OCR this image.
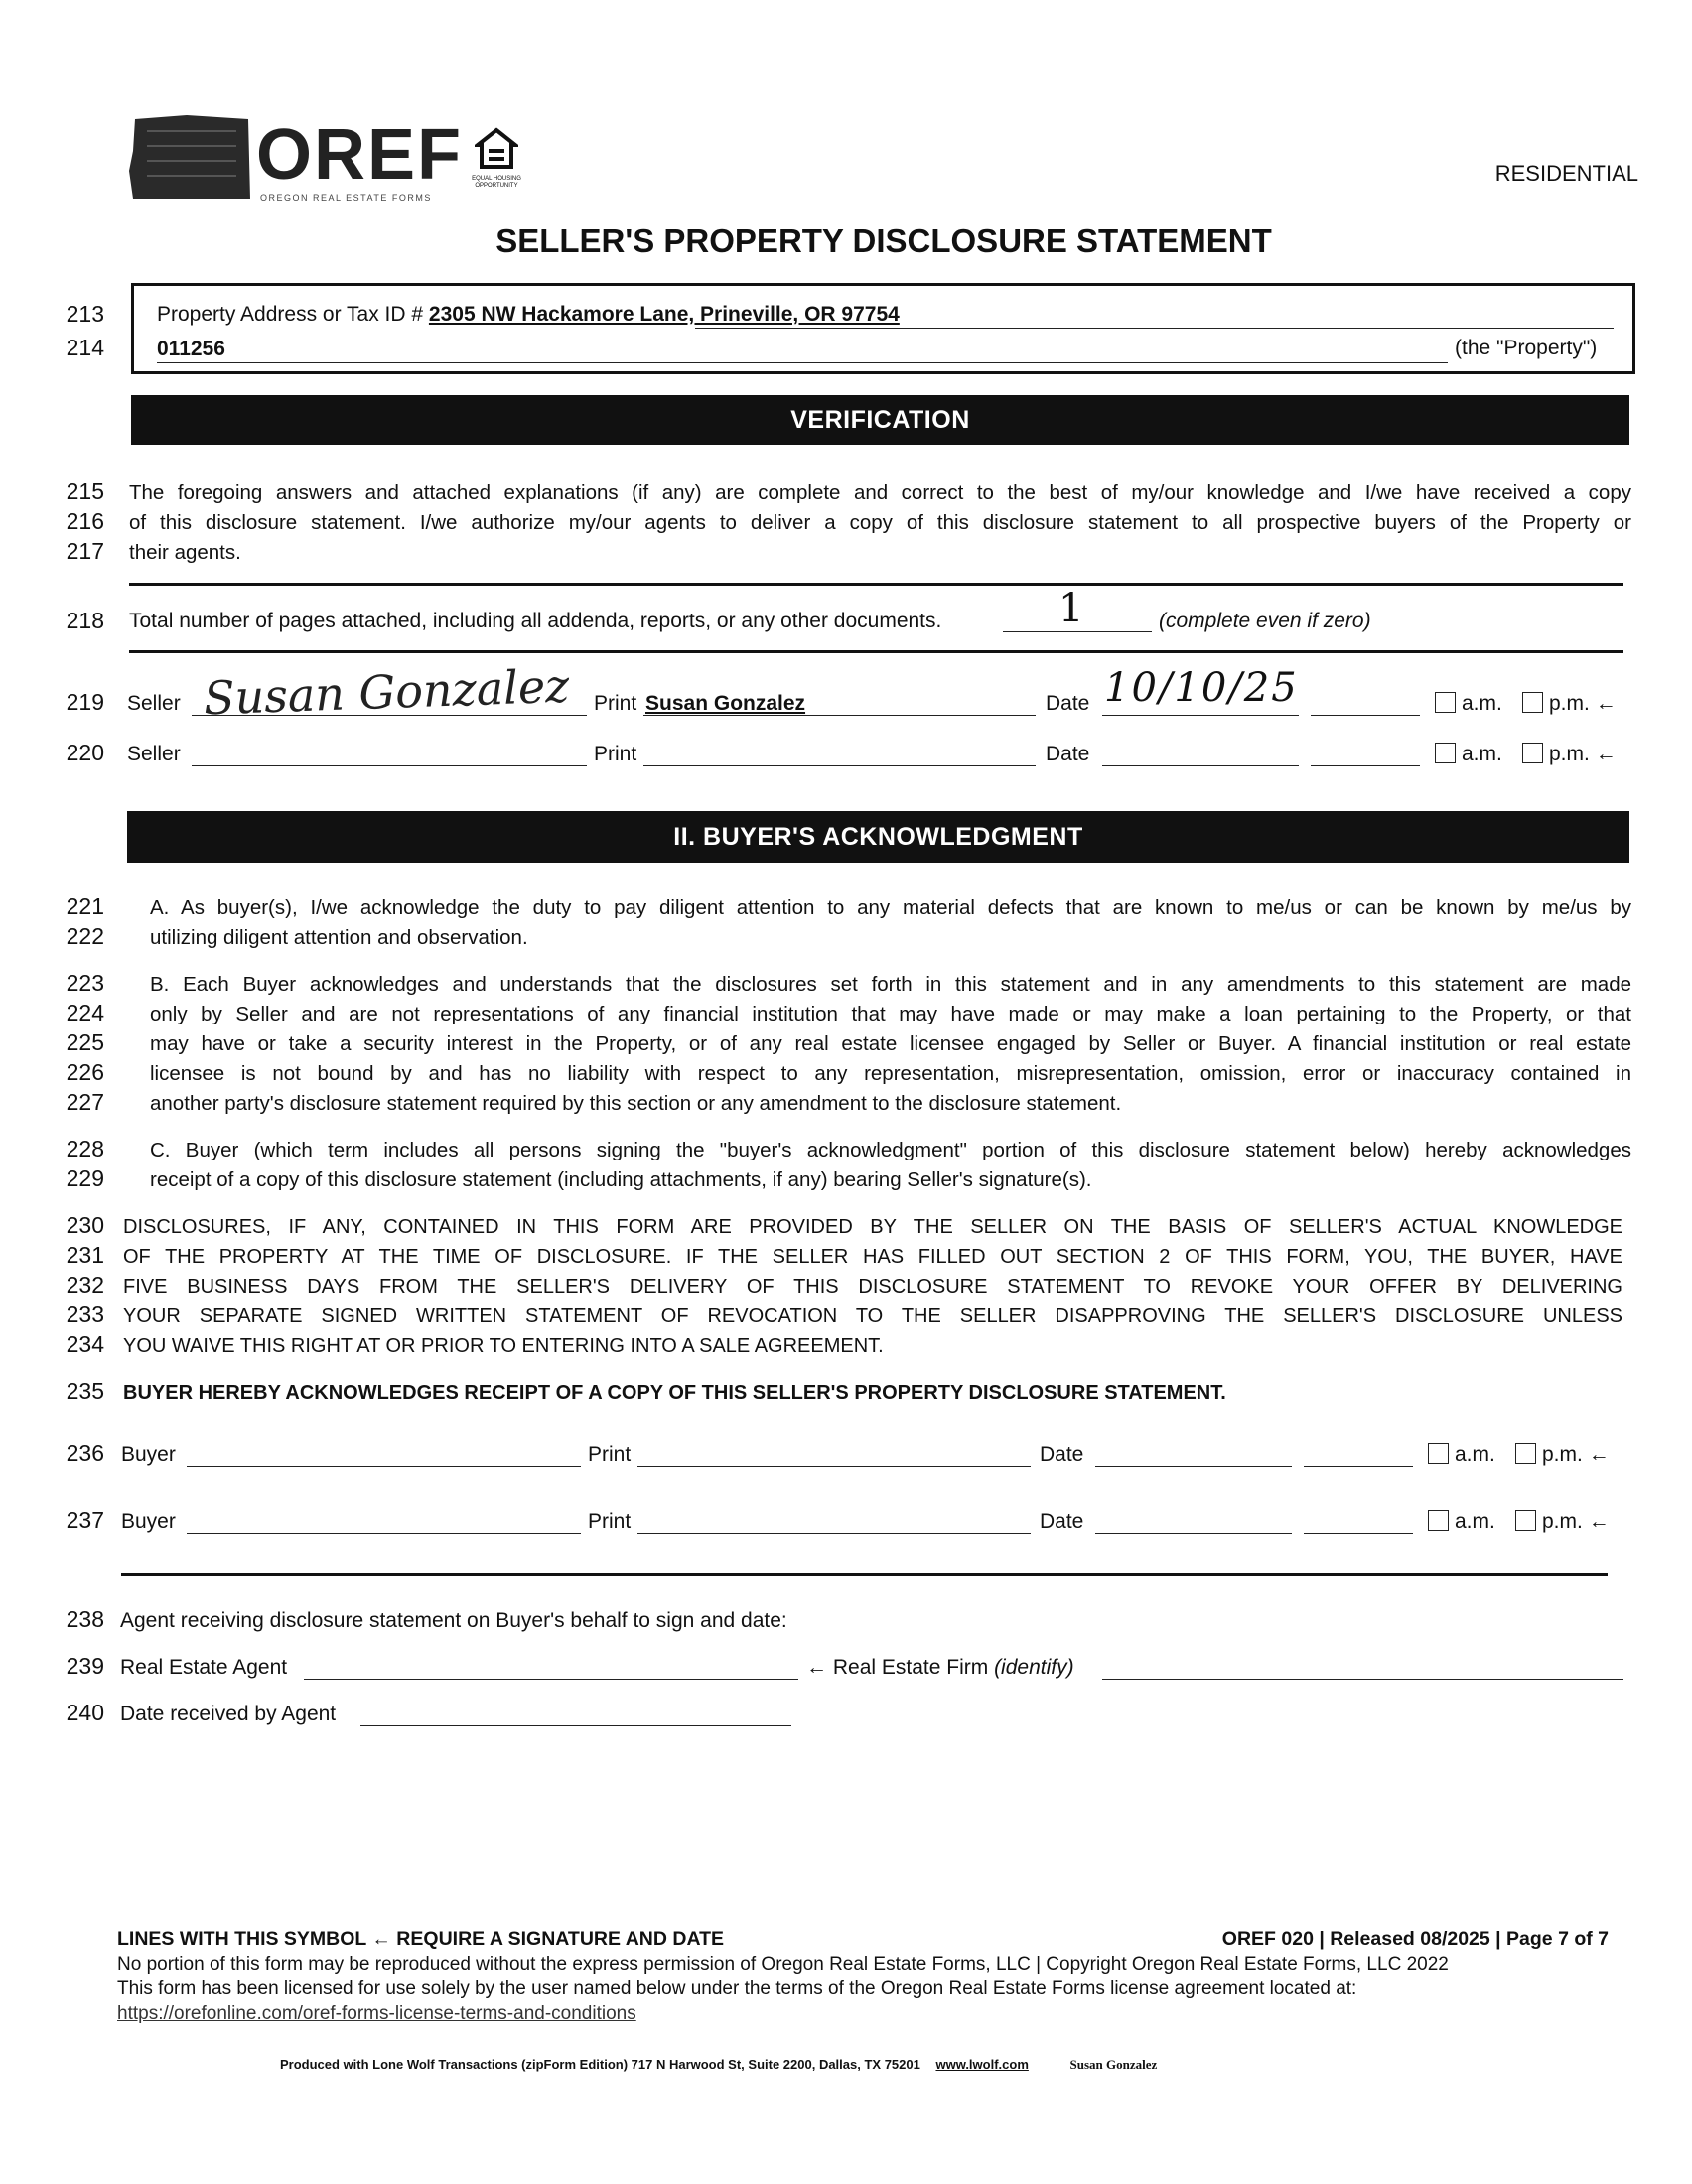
OREF
OREGON REAL ESTATE FORMS
EQUAL HOUSING OPPORTUNITY	RESIDENTIAL
SELLER'S PROPERTY DISCLOSURE STATEMENT
213
214
Property Address or Tax ID # 2305 NW Hackamore Lane, Prineville, OR 97754
011256	(the "Property")
VERIFICATION
215
216
217
The foregoing answers and attached explanations (if any) are complete and correct to the best of my/our knowledge and I/we have received a copy
of this disclosure statement. I/we authorize my/our agents to deliver a copy of this disclosure statement to all prospective buyers of the Property or
their agents.
218 Total number of pages attached, including all addenda, reports, or any other documents.	1	(complete even if zero)
219 Seller Susan Gonzalez Print Susan Gonzalez	Date 10/10/25	a.m.	p.m. ←
220 Seller	Print	Date	a.m.	p.m. ←
II. BUYER'S ACKNOWLEDGMENT
221
222
A. As buyer(s), I/we acknowledge the duty to pay diligent attention to any material defects that are known to me/us or can be known by me/us by
utilizing diligent attention and observation.
223
224
225
226
227
B. Each Buyer acknowledges and understands that the disclosures set forth in this statement and in any amendments to this statement are made
only by Seller and are not representations of any financial institution that may have made or may make a loan pertaining to the Property, or that
may have or take a security interest in the Property, or of any real estate licensee engaged by Seller or Buyer. A financial institution or real estate
licensee is not bound by and has no liability with respect to any representation, misrepresentation, omission, error or inaccuracy contained in
another party's disclosure statement required by this section or any amendment to the disclosure statement.
228
229
C. Buyer (which term includes all persons signing the "buyer's acknowledgment" portion of this disclosure statement below) hereby acknowledges
receipt of a copy of this disclosure statement (including attachments, if any) bearing Seller's signature(s).
230
231
232
233
234
DISCLOSURES, IF ANY, CONTAINED IN THIS FORM ARE PROVIDED BY THE SELLER ON THE BASIS OF SELLER'S ACTUAL KNOWLEDGE
OF THE PROPERTY AT THE TIME OF DISCLOSURE. IF THE SELLER HAS FILLED OUT SECTION 2 OF THIS FORM, YOU, THE BUYER, HAVE
FIVE BUSINESS DAYS FROM THE SELLER'S DELIVERY OF THIS DISCLOSURE STATEMENT TO REVOKE YOUR OFFER BY DELIVERING
YOUR SEPARATE SIGNED WRITTEN STATEMENT OF REVOCATION TO THE SELLER DISAPPROVING THE SELLER'S DISCLOSURE UNLESS
YOU WAIVE THIS RIGHT AT OR PRIOR TO ENTERING INTO A SALE AGREEMENT.
235 BUYER HEREBY ACKNOWLEDGES RECEIPT OF A COPY OF THIS SELLER'S PROPERTY DISCLOSURE STATEMENT.
236 Buyer	Print	Date	a.m.	p.m. ←
237 Buyer	Print	Date	a.m.	p.m. ←
238 Agent receiving disclosure statement on Buyer's behalf to sign and date:
239 Real Estate Agent	← Real Estate Firm (identify)
240 Date received by Agent
LINES WITH THIS SYMBOL ← REQUIRE A SIGNATURE AND DATE	OREF 020 | Released 08/2025 | Page 7 of 7
No portion of this form may be reproduced without the express permission of Oregon Real Estate Forms, LLC | Copyright Oregon Real Estate Forms, LLC 2022
This form has been licensed for use solely by the user named below under the terms of the Oregon Real Estate Forms license agreement located at:
https://orefonline.com/oref-forms-license-terms-and-conditions
Produced with Lone Wolf Transactions (zipForm Edition) 717 N Harwood St, Suite 2200, Dallas, TX 75201 www.lwolf.com	Susan Gonzalez
